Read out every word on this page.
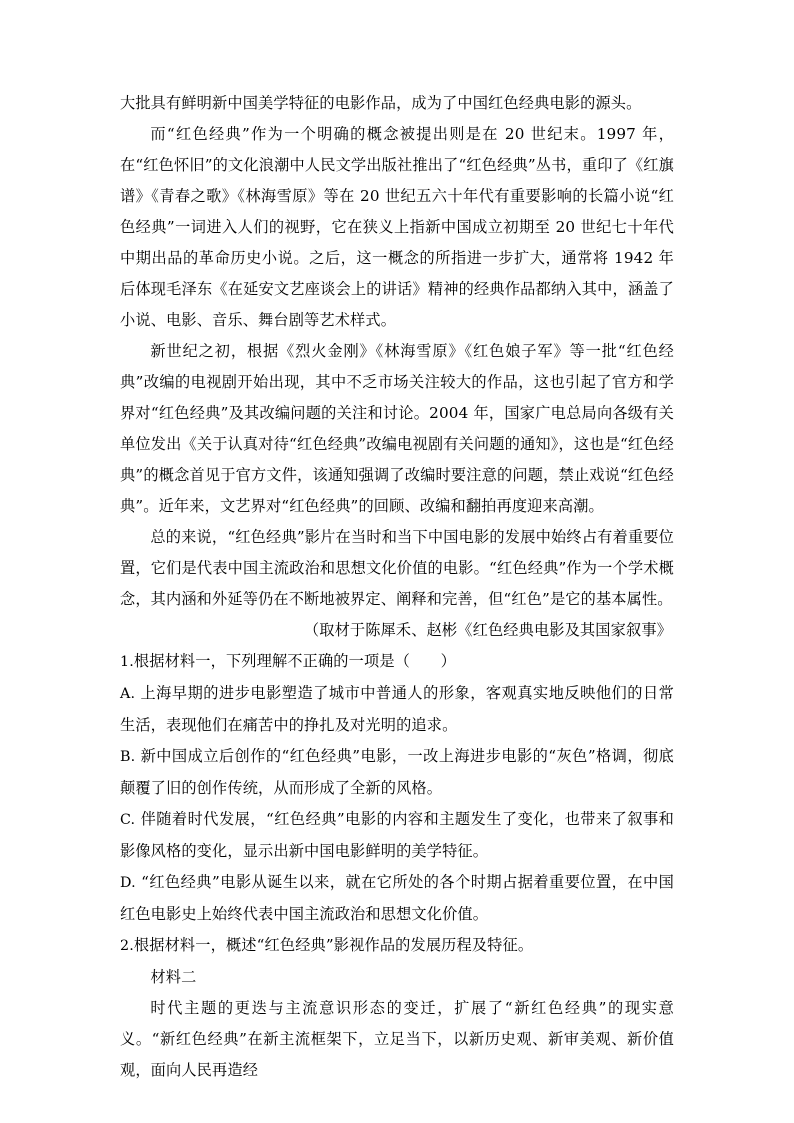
大批具有鲜明新中国美学特征的电影作品，成为了中国红色经典电影的源头。

而“红色经典”作为一个明确的概念被提出则是在 20 世纪末。1997 年，在“红色怀旧”的文化浪潮中人民文学出版社推出了“红色经典”丛书，重印了《红旗谱》《青春之歌》《林海雪原》等在 20 世纪五六十年代有重要影响的长篇小说“红色经典”一词进入人们的视野，它在狭义上指新中国成立初期至 20 世纪七十年代中期出品的革命历史小说。之后，这一概念的所指进一步扩大，通常将 1942 年后体现毛泽东《在延安文艺座谈会上的讲话》精神的经典作品都纳入其中，涵盖了小说、电影、音乐、舞台剧等艺术样式。

新世纪之初，根据《烈火金刚》《林海雪原》《红色娘子军》等一批“红色经典”改编的电视剧开始出现，其中不乏市场关注较大的作品，这也引起了官方和学界对“红色经典”及其改编问题的关注和讨论。2004 年，国家广电总局向各级有关单位发出《关于认真对待“红色经典”改编电视剧有关问题的通知》，这也是“红色经典”的概念首见于官方文件，该通知强调了改编时要注意的问题，禁止戏说“红色经典”。近年来，文艺界对“红色经典”的回顾、改编和翻拍再度迎来高潮。

总的来说，“红色经典”影片在当时和当下中国电影的发展中始终占有着重要位置，它们是代表中国主流政治和思想文化价值的电影。“红色经典”作为一个学术概念，其内涵和外延等仍在不断地被界定、阐释和完善，但“红色”是它的基本属性。

（取材于陈犀禾、赵彬《红色经典电影及其国家叙事》

1.根据材料一，下列理解不正确的一项是（　　）

A. 上海早期的进步电影塑造了城市中普通人的形象，客观真实地反映他们的日常生活，表现他们在痛苦中的挣扎及对光明的追求。

B. 新中国成立后创作的“红色经典”电影，一改上海进步电影的“灰色”格调，彻底颠覆了旧的创作传统，从而形成了全新的风格。

C. 伴随着时代发展，“红色经典”电影的内容和主题发生了变化，也带来了叙事和影像风格的变化，显示出新中国电影鲜明的美学特征。

D. “红色经典”电影从诞生以来，就在它所处的各个时期占据着重要位置，在中国红色电影史上始终代表中国主流政治和思想文化价值。

2.根据材料一，概述“红色经典”影视作品的发展历程及特征。

材料二

时代主题的更迭与主流意识形态的变迁，扩展了“新红色经典”的现实意义。“新红色经典”在新主流框架下，立足当下，以新历史观、新审美观、新价值观，面向人民再造经
